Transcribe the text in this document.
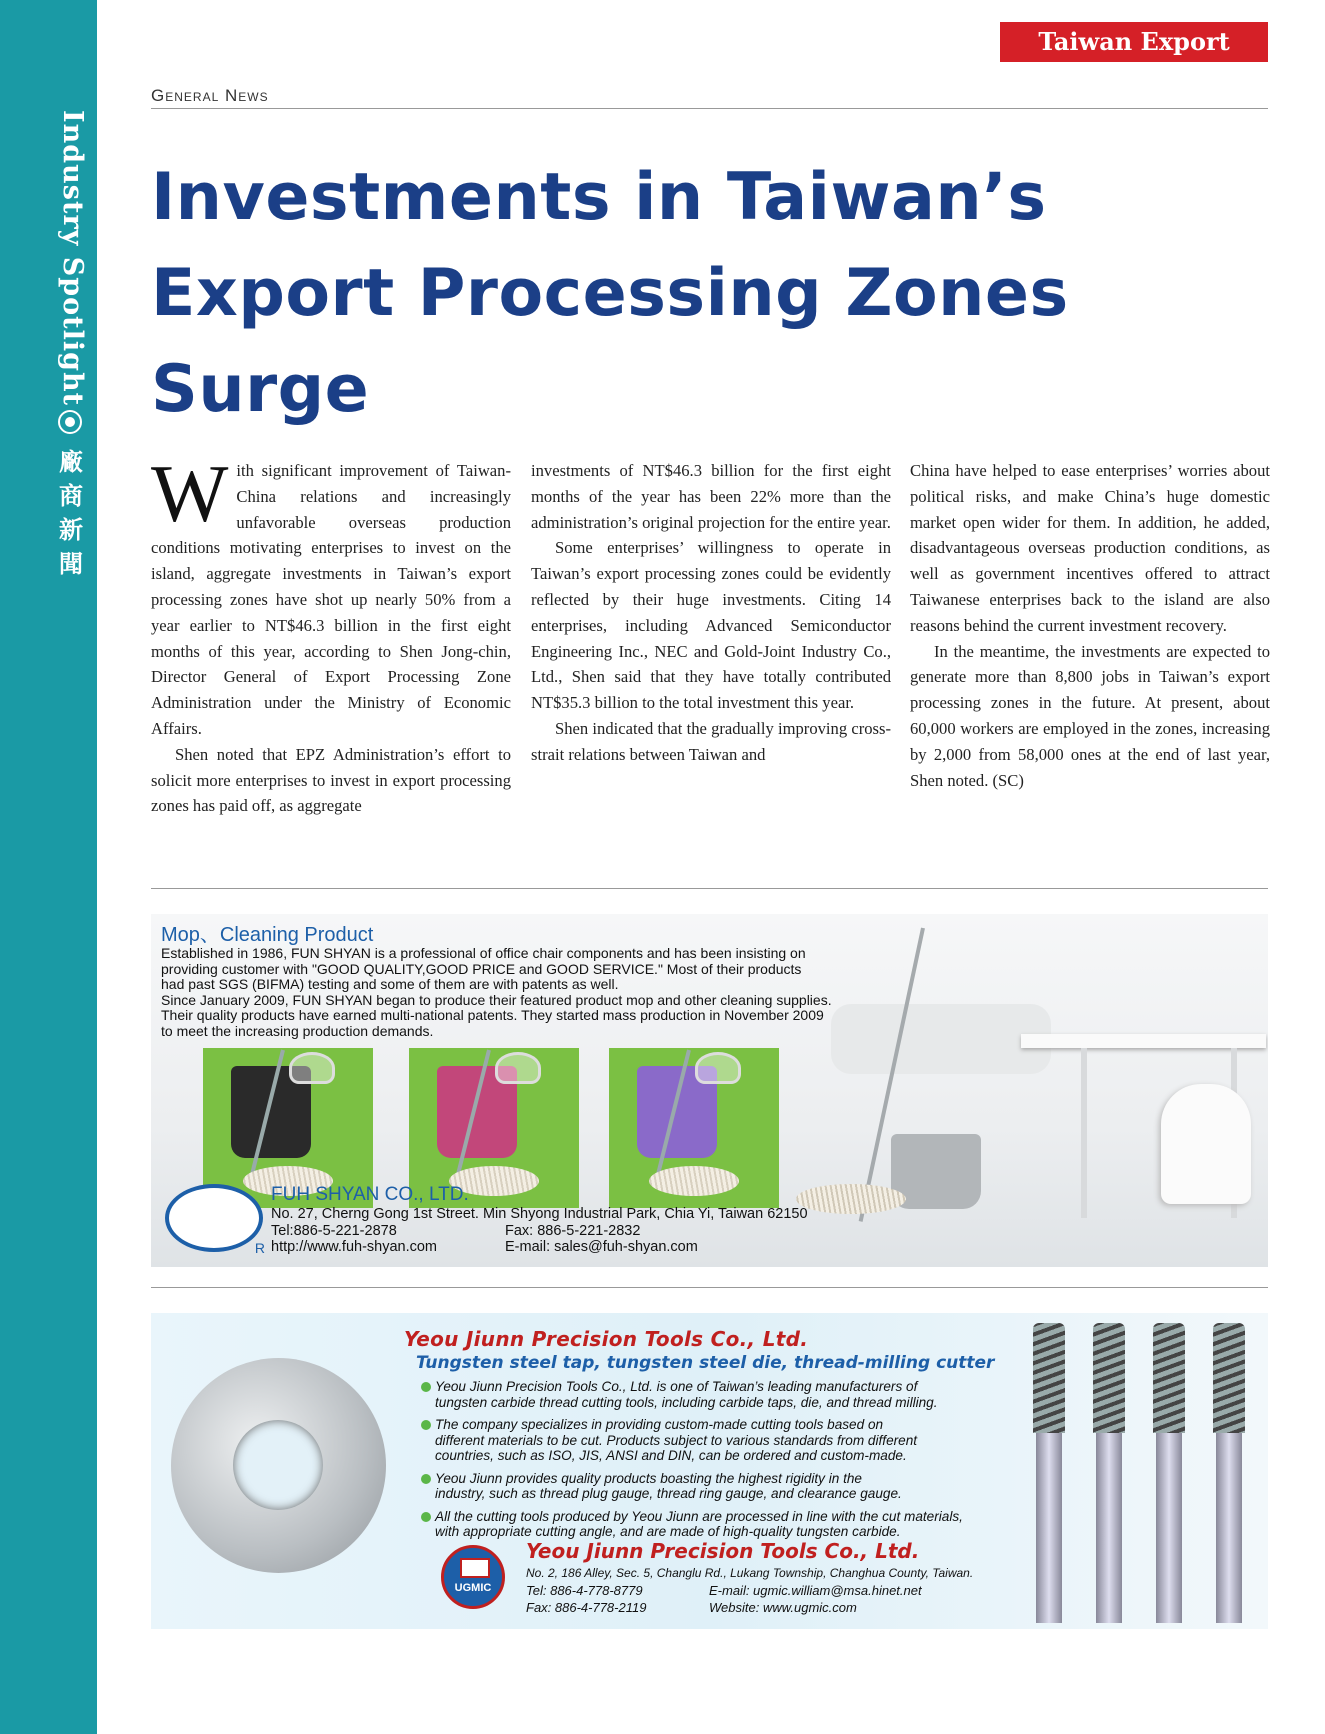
Industry Spotlight
廠
商
新
聞
Taiwan Export Express
General News
Investments in Taiwan’s Export Processing Zones Surge

With significant improvement of Taiwan-China relations and increasingly unfavorable overseas production conditions motivating enterprises to invest on the island, aggregate investments in Taiwan’s export processing zones have shot up nearly 50% from a year earlier to NT$46.3 billion in the first eight months of this year, according to Shen Jong-chin, Director General of Export Processing Zone Administration under the Ministry of Economic Affairs.

Shen noted that EPZ Administration’s effort to solicit more enterprises to invest in export processing zones has paid off, as aggregate

investments of NT$46.3 billion for the first eight months of the year has been 22% more than the administration’s original projection for the entire year.

Some enterprises’ willingness to operate in Taiwan’s export processing zones could be evidently reflected by their huge investments. Citing 14 enterprises, including Advanced Semiconductor Engineering Inc., NEC and Gold-Joint Industry Co., Ltd., Shen said that they have totally contributed NT$35.3 billion to the total investment this year.

Shen indicated that the gradually improving cross-strait relations between Taiwan and

China have helped to ease enterprises’ worries about political risks, and make China’s huge domestic market open wider for them. In addition, he added, disadvantageous overseas production conditions, as well as government incentives offered to attract Taiwanese enterprises back to the island are also reasons behind the current investment recovery.

In the meantime, the investments are expected to generate more than 8,800 jobs in Taiwan’s export processing zones in the future. At present, about 60,000 workers are employed in the zones, increasing by 2,000 from 58,000 ones at the end of last year, Shen noted. (SC)

Mop、Cleaning Product
Established in 1986, FUN SHYAN is a professional of office chair components and has been insisting on
providing customer with "GOOD QUALITY,GOOD PRICE and GOOD SERVICE." Most of their products
had past SGS (BIFMA) testing and some of them are with patents as well.
Since January 2009, FUN SHYAN began to produce their featured product mop and other cleaning supplies.
Their quality products have earned multi-national patents. They started mass production in November 2009
to meet the increasing production demands.
R
FUH SHYAN CO., LTD.
No. 27, Cherng Gong 1st Street. Min Shyong Industrial Park, Chia Yi, Taiwan 62150
Tel:886-5-221-2878	Fax: 886-5-221-2832
http://www.fuh-shyan.com	E-mail: sales@fuh-shyan.com
Yeou Jiunn Precision Tools Co., Ltd.
Tungsten steel tap, tungsten steel die, thread-milling cutter
Yeou Jiunn Precision Tools Co., Ltd. is one of Taiwan’s leading manufacturers of
tungsten carbide thread cutting tools, including carbide taps, die, and thread milling.
The company specializes in providing custom-made cutting tools based on
different materials to be cut. Products subject to various standards from different
countries, such as ISO, JIS, ANSI and DIN, can be ordered and custom-made.
Yeou Jiunn provides quality products boasting the highest rigidity in the
industry, such as thread plug gauge, thread ring gauge, and clearance gauge.
All the cutting tools produced by Yeou Jiunn are processed in line with the cut materials,
with appropriate cutting angle, and are made of high-quality tungsten carbide.
UGMIC
Yeou Jiunn Precision Tools Co., Ltd.
No. 2, 186 Alley, Sec. 5, Changlu Rd., Lukang Township, Changhua County, Taiwan.
Tel: 886-4-778-8779	E-mail: ugmic.william@msa.hinet.net
Fax: 886-4-778-2119	Website: www.ugmic.com
